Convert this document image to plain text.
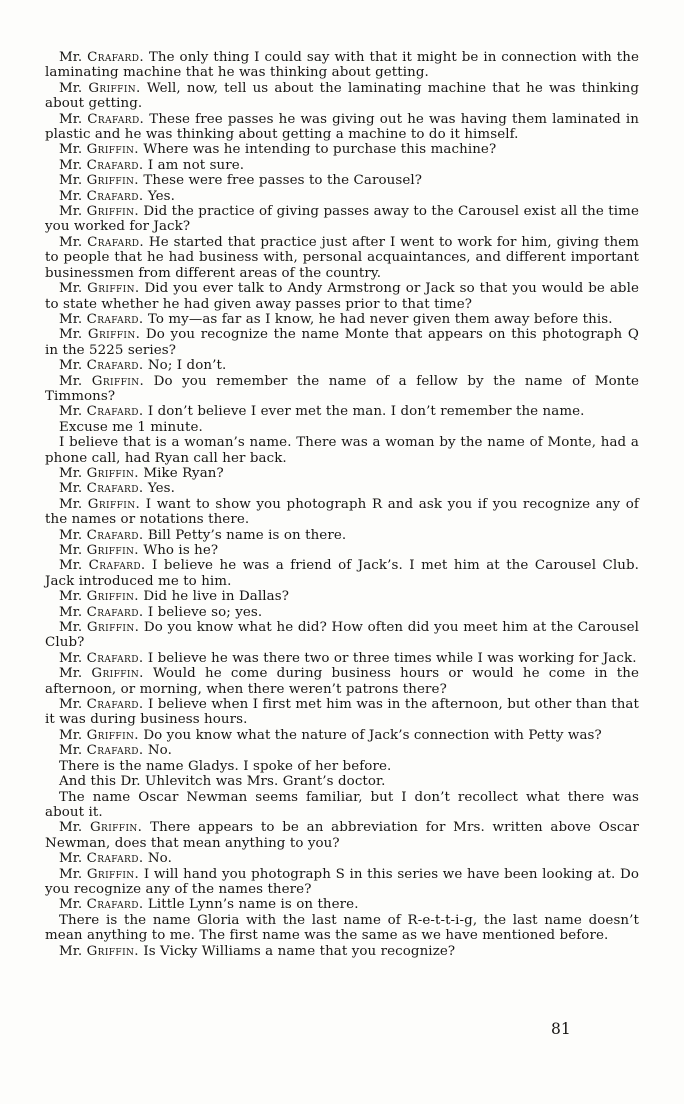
Mr. Crafard. The only thing I could say with that it might be in connection with the laminating machine that he was thinking about getting.

Mr. Griffin. Well, now, tell us about the laminating machine that he was thinking about getting.

Mr. Crafard. These free passes he was giving out he was having them laminated in plastic and he was thinking about getting a machine to do it himself.

Mr. Griffin. Where was he intending to purchase this machine?

Mr. Crafard. I am not sure.

Mr. Griffin. These were free passes to the Carousel?

Mr. Crafard. Yes.

Mr. Griffin. Did the practice of giving passes away to the Carousel exist all the time you worked for Jack?

Mr. Crafard. He started that practice just after I went to work for him, giving them to people that he had business with, personal acquaintances, and different important businessmen from different areas of the country.

Mr. Griffin. Did you ever talk to Andy Armstrong or Jack so that you would be able to state whether he had given away passes prior to that time?

Mr. Crafard. To my—as far as I know, he had never given them away before this.

Mr. Griffin. Do you recognize the name Monte that appears on this photograph Q in the 5225 series?

Mr. Crafard. No; I don’t.

Mr. Griffin. Do you remember the name of a fellow by the name of Monte Timmons?

Mr. Crafard. I don’t believe I ever met the man. I don’t remember the name.

Excuse me 1 minute.

I believe that is a woman’s name. There was a woman by the name of Monte, had a phone call, had Ryan call her back.

Mr. Griffin. Mike Ryan?

Mr. Crafard. Yes.

Mr. Griffin. I want to show you photograph R and ask you if you recognize any of the names or notations there.

Mr. Crafard. Bill Petty’s name is on there.

Mr. Griffin. Who is he?

Mr. Crafard. I believe he was a friend of Jack’s. I met him at the Carousel Club. Jack introduced me to him.

Mr. Griffin. Did he live in Dallas?

Mr. Crafard. I believe so; yes.

Mr. Griffin. Do you know what he did? How often did you meet him at the Carousel Club?

Mr. Crafard. I believe he was there two or three times while I was working for Jack.

Mr. Griffin. Would he come during business hours or would he come in the afternoon, or morning, when there weren’t patrons there?

Mr. Crafard. I believe when I first met him was in the afternoon, but other than that it was during business hours.

Mr. Griffin. Do you know what the nature of Jack’s connection with Petty was?

Mr. Crafard. No.

There is the name Gladys. I spoke of her before.

And this Dr. Uhlevitch was Mrs. Grant’s doctor.

The name Oscar Newman seems familiar, but I don’t recollect what there was about it.

Mr. Griffin. There appears to be an abbreviation for Mrs. written above Oscar Newman, does that mean anything to you?

Mr. Crafard. No.

Mr. Griffin. I will hand you photograph S in this series we have been looking at. Do you recognize any of the names there?

Mr. Crafard. Little Lynn’s name is on there.

There is the name Gloria with the last name of R-e-t-t-i-g, the last name doesn’t mean anything to me. The first name was the same as we have mentioned before.

Mr. Griffin. Is Vicky Williams a name that you recognize?

81
